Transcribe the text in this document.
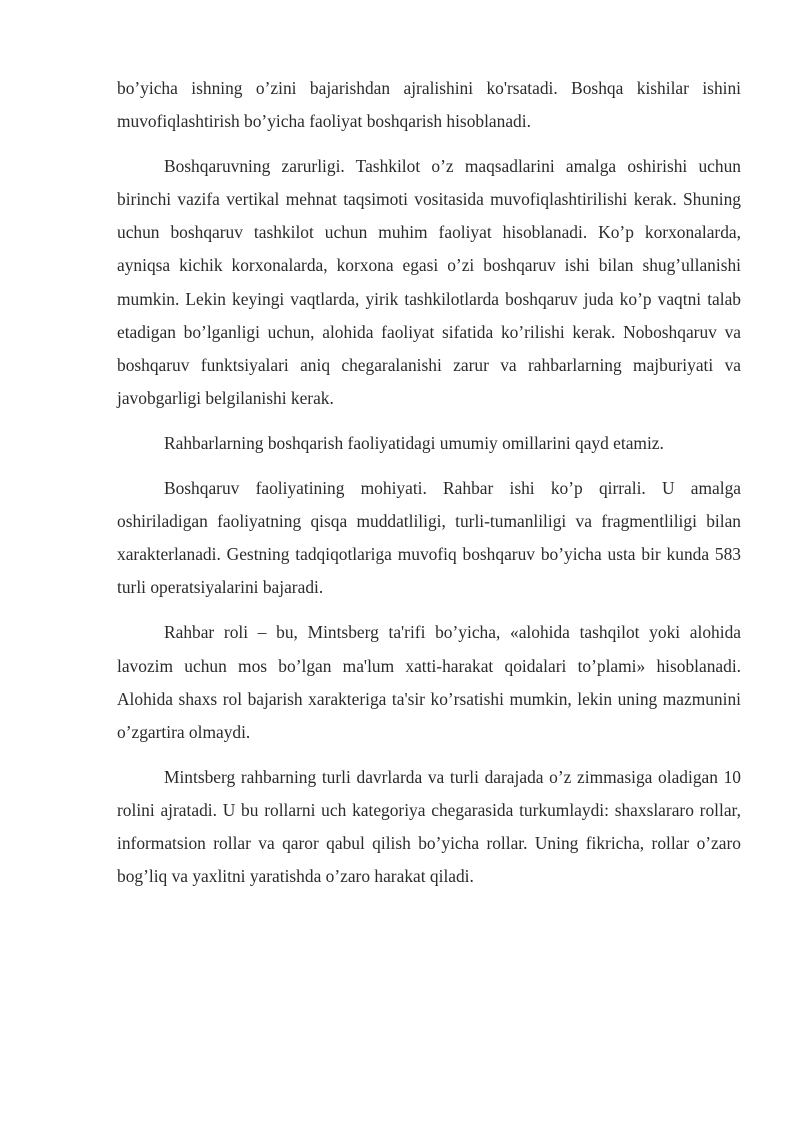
bo’yicha ishning o’zini bajarishdan ajralishini ko'rsatadi. Boshqa kishilar ishini muvofiqlashtirish bo’yicha faoliyat boshqarish hisoblanadi.

Boshqaruvning zarurligi. Tashkilot o’z maqsadlarini amalga oshirishi uchun birinchi vazifa vertikal mehnat taqsimoti vositasida muvofiqlashtirilishi kerak. Shuning uchun boshqaruv tashkilot uchun muhim faoliyat hisoblanadi. Ko’p korxonalarda, ayniqsa kichik korxonalarda, korxona egasi o’zi boshqaruv ishi bilan shug’ullanishi mumkin. Lekin keyingi vaqtlarda, yirik tashkilotlarda boshqaruv juda ko’p vaqtni talab etadigan bo’lganligi uchun, alohida faoliyat sifatida ko’rilishi kerak. Noboshqaruv va boshqaruv funktsiyalari aniq chegaralanishi zarur va rahbarlarning majburiyati va javobgarligi belgilanishi kerak.

Rahbarlarning boshqarish faoliyatidagi umumiy omillarini qayd etamiz.

Boshqaruv faoliyatining mohiyati. Rahbar ishi ko’p qirrali. U amalga oshiriladigan faoliyatning qisqa muddatliligi, turli-tumanliligi va fragmentliligi bilan xarakterlanadi. Gestning tadqiqotlariga muvofiq boshqaruv bo’yicha usta bir kunda 583 turli operatsiyalarini bajaradi.

Rahbar roli – bu, Mintsberg ta'rifi bo’yicha, «alohida tashqilot yoki alohida lavozim uchun mos bo’lgan ma'lum xatti-harakat qoidalari to’plami» hisoblanadi. Alohida shaxs rol bajarish xarakteriga ta'sir ko’rsatishi mumkin, lekin uning mazmunini o’zgartira olmaydi.

Mintsberg rahbarning turli davrlarda va turli darajada o’z zimmasiga oladigan 10 rolini ajratadi. U bu rollarni uch kategoriya chegarasida turkumlaydi: shaxslararo rollar, informatsion rollar va qaror qabul qilish bo’yicha rollar. Uning fikricha, rollar o’zaro bog’liq va yaxlitni yaratishda o’zaro harakat qiladi.
